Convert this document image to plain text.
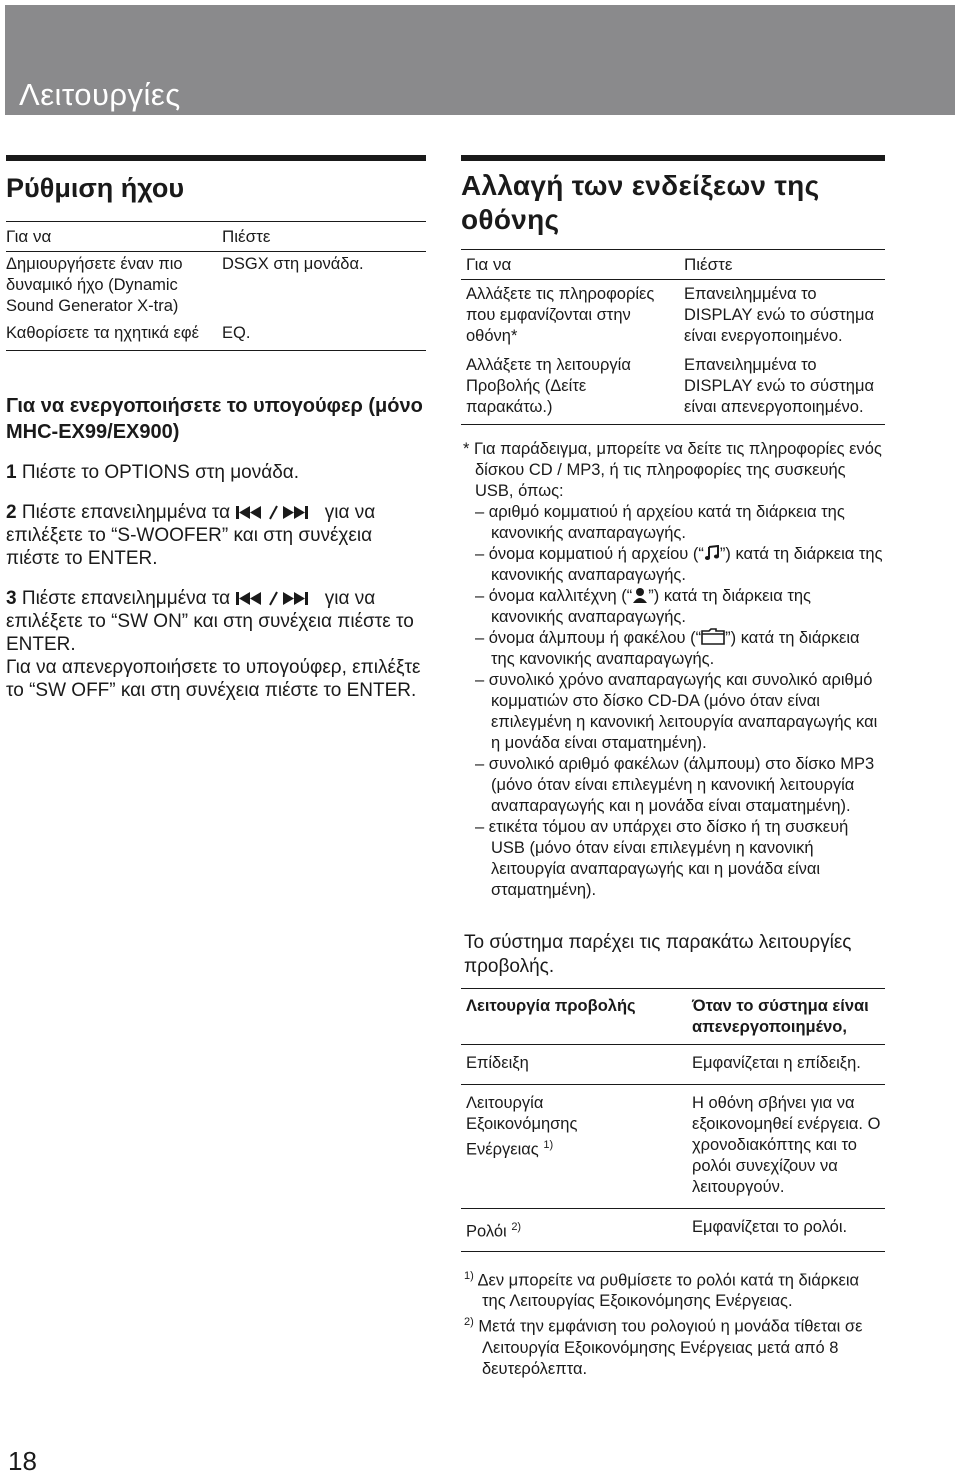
Λειτουργίες
Ρύθμιση ήχου
Για να	Πιέστε
Δημιουργήσετε έναν πιο δυναμικό ήχο (Dynamic Sound Generator X-tra)	DSGX στη μονάδα.
Καθορίσετε τα ηχητικά εφέ	EQ.
Για να ενεργοποιήσετε το υπογούφερ (μόνο MHC-EX99/EX900)
1 Πιέστε το OPTIONS στη μονάδα.
2 Πιέστε επανειλημμένα τα	για να επιλέξετε το “S-WOOFER” και στη συνέχεια πιέστε το ENTER.
3 Πιέστε επανειλημμένα τα	για να επιλέξετε το “SW ON” και στη συνέχεια πιέστε το ENTER.
Για να απενεργοποιήσετε το υπογούφερ, επιλέξτε το “SW OFF” και στη συνέχεια πιέστε το ENTER.
Αλλαγή των ενδείξεων της οθόνης
Για να	Πιέστε
Αλλάξετε τις πληροφορίες που εμφανίζονται στην οθόνη*	Επανειλημμένα το DISPLAY ενώ το σύστημα είναι ενεργοποιημένο.
Αλλάξετε τη λειτουργία Προβολής (Δείτε παρακάτω.)	Επανειλημμένα το DISPLAY ενώ το σύστημα είναι απενεργοποιημένο.
* Για παράδειγμα, μπορείτε να δείτε τις πληροφορίες ενός δίσκου CD / MP3, ή τις πληροφορίες της συσκευής USB, όπως:
– αριθμό κομματιού ή αρχείου κατά τη διάρκεια της κανονικής αναπαραγωγής.
– όνομα κομματιού ή αρχείου (“ ”) κατά τη διάρκεια της κανονικής αναπαραγωγής.
– όνομα καλλιτέχνη (“ ”) κατά τη διάρκεια της κανονικής αναπαραγωγής.
– όνομα άλμπουμ ή φακέλου (“ ”) κατά τη διάρκεια της κανονικής αναπαραγωγής.
– συνολικό χρόνο αναπαραγωγής και συνολικό αριθμό κομματιών στο δίσκο CD-DA (μόνο όταν είναι επιλεγμένη η κανονική λειτουργία αναπαραγωγής και η μονάδα είναι σταματημένη).
– συνολικό αριθμό φακέλων (άλμπουμ) στο δίσκο MP3 (μόνο όταν είναι επιλεγμένη η κανονική λειτουργία αναπαραγωγής και η μονάδα είναι σταματημένη).
– ετικέτα τόμου αν υπάρχει στο δίσκο ή τη συσκευή USB (μόνο όταν είναι επιλεγμένη η κανονική λειτουργία αναπαραγωγής και η μονάδα είναι σταματημένη).
Το σύστημα παρέχει τις παρακάτω λειτουργίες προβολής.
Λειτουργία προβολής	Όταν το σύστημα είναι απενεργοποιημένο,
Επίδειξη	Εμφανίζεται η επίδειξη.
Λειτουργία Εξοικονόμησης Ενέργειας $^{1)}$	Η οθόνη σβήνει για να εξοικονομηθεί ενέργεια. Ο χρονοδιακόπτης και το ρολόι συνεχίζουν να λειτουργούν.
Ρολόι $^{2)}$	Εμφανίζεται το ρολόι.
$^{1)}$ Δεν μπορείτε να ρυθμίσετε το ρολόι κατά τη διάρκεια της Λειτουργίας Εξοικονόμησης Ενέργειας.
$^{2)}$ Μετά την εμφάνιση του ρολογιού η μονάδα τίθεται σε Λειτουργία Εξοικονόμησης Ενέργειας μετά από 8 δευτερόλεπτα.
18
